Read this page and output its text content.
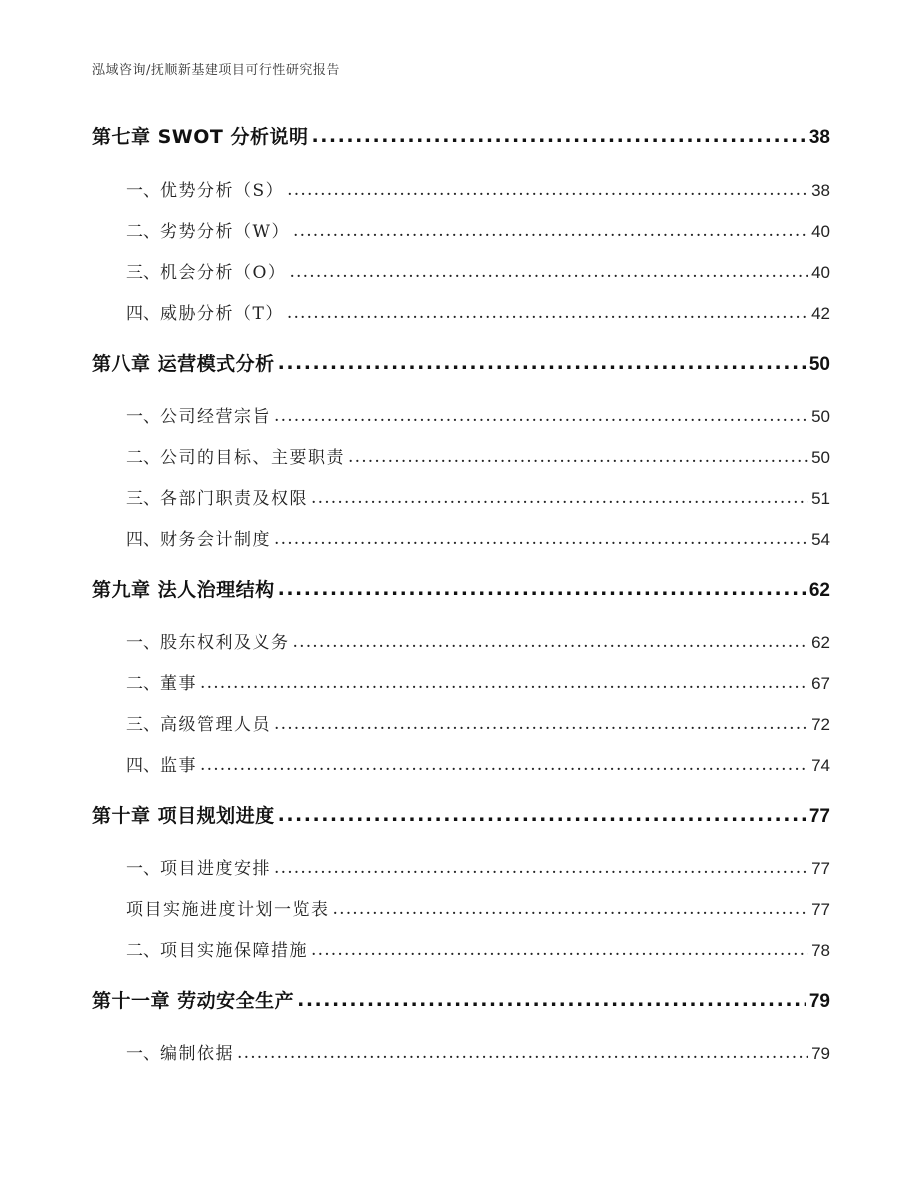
泓域咨询/抚顺新基建项目可行性研究报告
第七章 SWOT 分析说明 .....	38
一、 优势分析（S） .....	38
二、 劣势分析（W） .....	40
三、 机会分析（O） .....	40
四、 威胁分析（T） .....	42
第八章 运营模式分析 .....	50
一、 公司经营宗旨 .....	50
二、 公司的目标、主要职责 .....	50
三、 各部门职责及权限 .....	51
四、 财务会计制度 .....	54
第九章 法人治理结构 .....	62
一、 股东权利及义务 .....	62
二、 董事 .....	67
三、 高级管理人员 .....	72
四、 监事 .....	74
第十章 项目规划进度 .....	77
一、 项目进度安排 .....	77
项目实施进度计划一览表 .....	77
二、 项目实施保障措施 .....	78
第十一章 劳动安全生产 .....	79
一、 编制依据 .....	79
